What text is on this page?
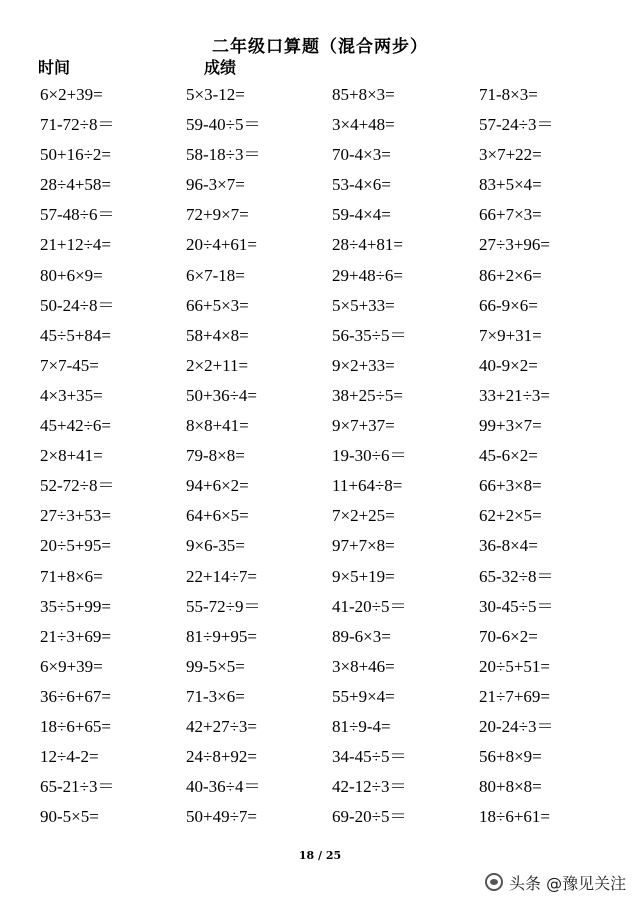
二年级口算题（混合两步）
时间	成绩
6×2+39=	5×3-12=	85+8×3=	71-8×3=
71-72÷8＝	59-40÷5＝	3×4+48=	57-24÷3＝
50+16÷2=	58-18÷3＝	70-4×3=	3×7+22=
28÷4+58=	96-3×7=	53-4×6=	83+5×4=
57-48÷6＝	72+9×7=	59-4×4=	66+7×3=
21+12÷4=	20÷4+61=	28÷4+81=	27÷3+96=
80+6×9=	6×7-18=	29+48÷6=	86+2×6=
50-24÷8＝	66+5×3=	5×5+33=	66-9×6=
45÷5+84=	58+4×8=	56-35÷5＝	7×9+31=
7×7-45=	2×2+11=	9×2+33=	40-9×2=
4×3+35=	50+36÷4=	38+25÷5=	33+21÷3=
45+42÷6=	8×8+41=	9×7+37=	99+3×7=
2×8+41=	79-8×8=	19-30÷6＝	45-6×2=
52-72÷8＝	94+6×2=	11+64÷8=	66+3×8=
27÷3+53=	64+6×5=	7×2+25=	62+2×5=
20÷5+95=	9×6-35=	97+7×8=	36-8×4=
71+8×6=	22+14÷7=	9×5+19=	65-32÷8＝
35÷5+99=	55-72÷9＝	41-20÷5＝	30-45÷5＝
21÷3+69=	81÷9+95=	89-6×3=	70-6×2=
6×9+39=	99-5×5=	3×8+46=	20÷5+51=
36÷6+67=	71-3×6=	55+9×4=	21÷7+69=
18÷6+65=	42+27÷3=	81÷9-4=	20-24÷3＝
12÷4-2=	24÷8+92=	34-45÷5＝	56+8×9=
65-21÷3＝	40-36÷4＝	42-12÷3＝	80+8×8=
90-5×5=	50+49÷7=	69-20÷5＝	18÷6+61=
18 / 25
头条 @豫见关注
